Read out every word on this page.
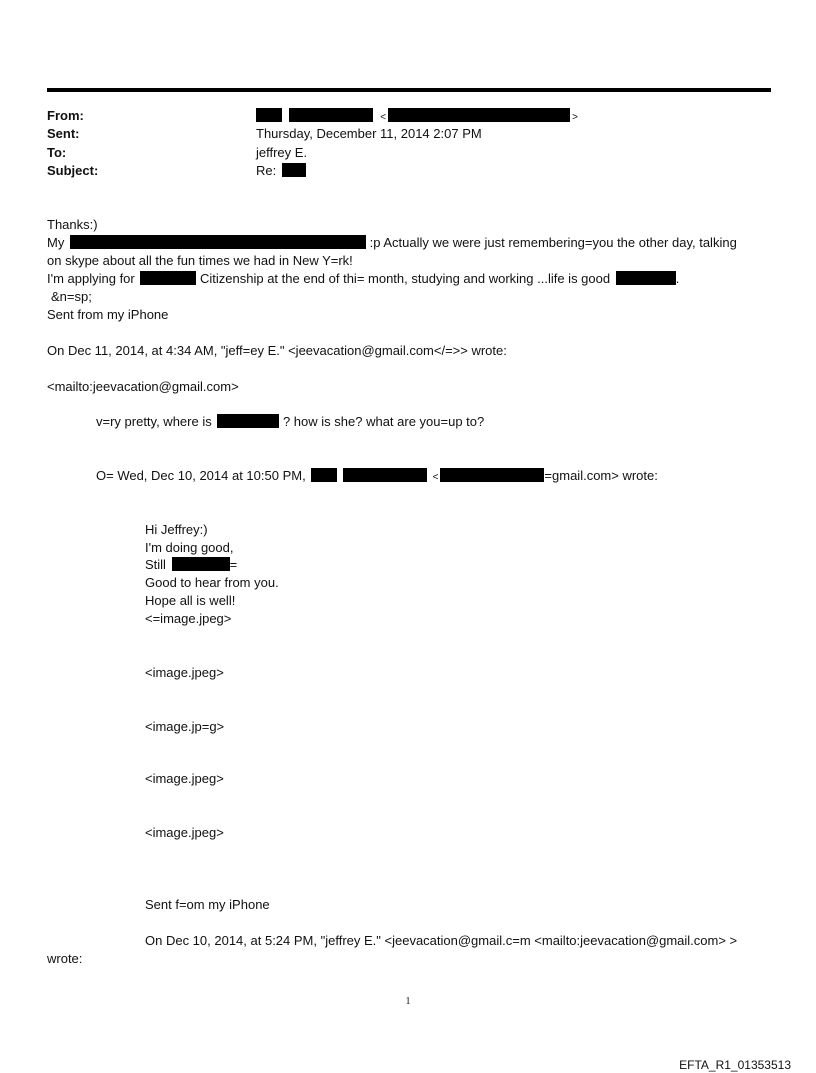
From:	<	>
Sent:	Thursday, December 11, 2014 2:07 PM
To:	jeffrey E.
Subject:	Re:
Thanks:)
My	:p Actually we were just remembering=you the other day, talking
on skype about all the fun times we had in New Y=rk!
I'm applying for	Citizenship at the end of thi= month, studying and working ...life is good	.
&n=sp;
Sent from my iPhone
On Dec 11, 2014, at 4:34 AM, "jeff=ey E." <jeevacation@gmail.com</=>> wrote:
<mailto:jeevacation@gmail.com>
v=ry pretty, where is	? how is she? what are you=up to?
O= Wed, Dec 10, 2014 at 10:50 PM,	<	=gmail.com> wrote:
Hi Jeffrey:)
I'm doing good,
Still	=
Good to hear from you.
Hope all is well!
<=image.jpeg>
<image.jpeg>
<image.jp=g>
<image.jpeg>
<image.jpeg>
Sent f=om my iPhone
On Dec 10, 2014, at 5:24 PM, "jeffrey E." <jeevacation@gmail.c=m <mailto:jeevacation@gmail.com> >
wrote:
1
EFTA_R1_01353513
